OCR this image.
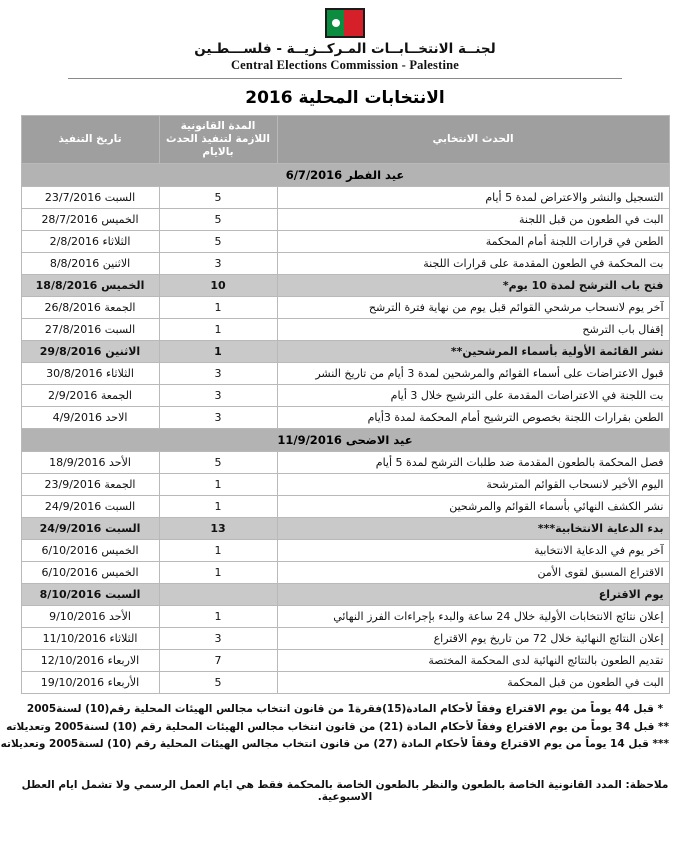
لجنــة الانتخــابــات المـركــزيــة - فلســـطـين
Central Elections Commission - Palestine
الانتخابات المحلية 2016
الحدث الانتخابي	المدة القانونية اللازمة لتنفيذ الحدث بالايام	تاريخ التنفيذ
عيد الفطر 6/7/2016		
التسجيل والنشر والاعتراض لمدة 5 أيام	5	السبت 23/7/2016
البت في الطعون من قبل اللجنة	5	الخميس 28/7/2016
الطعن في قرارات اللجنة أمام المحكمة	5	الثلاثاء 2/8/2016
بت المحكمة في الطعون المقدمة على قرارات اللجنة	3	الاثنين 8/8/2016
فتح باب الترشح لمدة 10 يوم*	10	الخميس 18/8/2016
آخر يوم لانسحاب مرشحي القوائم قبل يوم من نهاية فترة الترشح	1	الجمعة 26/8/2016
إقفال باب الترشح	1	السبت 27/8/2016
نشر القائمة الأولية بأسماء المرشحين**	1	الاثنين 29/8/2016
قبول الاعتراضات على أسماء القوائم والمرشحين لمدة 3 أيام من تاريخ النشر	3	الثلاثاء 30/8/2016
بت اللجنة في الاعتراضات المقدمة على الترشيح خلال 3 أيام	3	الجمعة 2/9/2016
الطعن بقرارات اللجنة بخصوص الترشيح أمام المحكمة لمدة 3أيام	3	الاحد 4/9/2016
عيد الاضحى 11/9/2016		
فصل المحكمة بالطعون المقدمة ضد طلبات الترشح لمدة 5 أيام	5	الأحد 18/9/2016
اليوم الأخير لانسحاب القوائم المترشحة	1	الجمعة 23/9/2016
نشر الكشف النهائي بأسماء القوائم والمرشحين	1	السبت 24/9/2016
بدء الدعاية الانتخابية***	13	السبت 24/9/2016
آخر يوم في الدعاية الانتخابية	1	الخميس 6/10/2016
الاقتراع المسبق لقوى الأمن	1	الخميس 6/10/2016
يوم الاقتراع		السبت 8/10/2016
إعلان نتائج الانتخابات الأولية خلال 24 ساعة والبدء بإجراءات الفرز النهائي	1	الأحد 9/10/2016
إعلان النتائج النهائية خلال 72 من تاريخ يوم الاقتراع	3	الثلاثاء 11/10/2016
تقديم الطعون بالنتائج النهائية لدى المحكمة المختصة	7	الاربعاء 12/10/2016
البت في الطعون من قبل المحكمة	5	الأربعاء 19/10/2016
* قبل 44 يوماً من يوم الاقتراع وفقاً لأحكام المادة(15)فقرة1 من قانون انتخاب مجالس الهيئات المحلية رقم(10) لسنة2005
** قبل 34 يوماً من يوم الاقتراع وفقاً لأحكام المادة (21) من قانون انتخاب مجالس الهيئات المحلية رقم (10) لسنة2005 وتعديلاته
*** قبل 14 يوماً من يوم الاقتراع وفقاً لأحكام المادة (27) من قانون انتخاب مجالس الهيئات المحلية رقم (10) لسنة2005 وتعديلاته
ملاحظة: المدد القانونية الخاصة بالطعون والنظر بالطعون الخاصة بالمحكمة فقط هي ايام العمل الرسمي ولا تشمل ايام العطل الاسبوعية.
